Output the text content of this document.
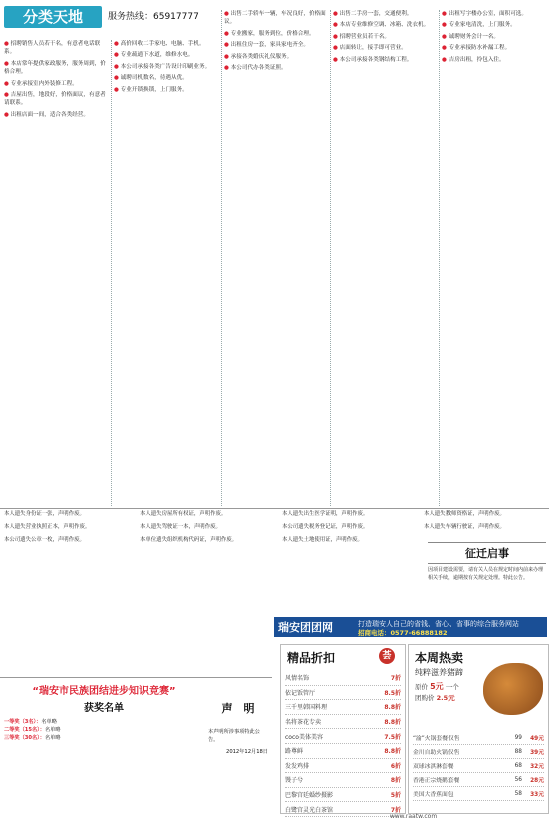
分类天地	服务热线：65917777
● 招聘销售人员若干名，有意者电话联系。
● 本店常年提供家政服务，服务周到，价格合理。
● 专业承接室内外装修工程。
● 吉屋出售，地段好，价格面议，有意者请联系。
● 出租店面一间，适合各类经营。
● 高价回收二手家电、电脑、手机。
● 专业疏通下水道，维修水电。
● 本公司承接各类广告设计印刷业务。
● 诚聘司机数名，待遇从优。
● 专业开锁换锁，上门服务。
● 出售二手轿车一辆，车况良好，价格面议。
● 专业搬家，服务到位，价格合理。
● 出租住房一套，家具家电齐全。
● 承接各类婚庆礼仪服务。
● 本公司代办各类证照。
● 出售二手房一套，交通便利。
● 本店专业维修空调、冰箱、洗衣机。
● 招聘营业员若干名。
● 店面转让，接手即可营业。
● 本公司承接各类钢结构工程。
● 出租写字楼办公室，面积可选。
● 专业家电清洗，上门服务。
● 诚聘财务会计一名。
● 专业承接防水补漏工程。
● 吉房出租，拎包入住。
本人遗失身份证一张，声明作废。
本人遗失营业执照正本，声明作废。
本公司遗失公章一枚，声明作废。
本人遗失房屋所有权证，声明作废。
本人遗失驾驶证一本，声明作废。
本单位遗失组织机构代码证，声明作废。
本人遗失出生医学证明，声明作废。
本公司遗失税务登记证，声明作废。
本人遗失土地使用证，声明作废。
本人遗失教师资格证，声明作废。
本人遗失车辆行驶证，声明作废。
征迁启事
因项目建设需要，请有关人员在规定时间内前来办理相关手续，逾期按有关规定处理。特此公告。
“瑞安市民族团结进步知识竞赛”
获奖名单
一等奖（3名）：名单略
二等奖（15名）：名单略
三等奖（30名）：名单略
声　明
本声明所涉事项特此公告。
2012年12月18日
瑞安团团网	打造瑞安人自己的省钱、省心、省事的综合服务网站
招商电话：0577-66888182
精品折扣	荟
风情名饰	7折
依记饭管厅	8.5折
三千里韩国料理	8.8折
名将茶花专卖	8.8折
coco美体美容	7.5折
路尊鲜	8.8折
发发鸡排	6折
馒子兮	8折
巴黎宫廷婚纱摄影	5折
白鹭宫灵光白茶馆	7折
本周热卖
纯粹滋养猪蹄
原价 5元 一个
团购价 2.5元
“渝”火锅套餐仅售	99	49元
金川自助火锅仅售	88	39元
双球冰淇淋套餐	68	32元
香港正宗烧鹅套餐	56	28元
美国大香蕉面包	58	33元
www.raatw.com
